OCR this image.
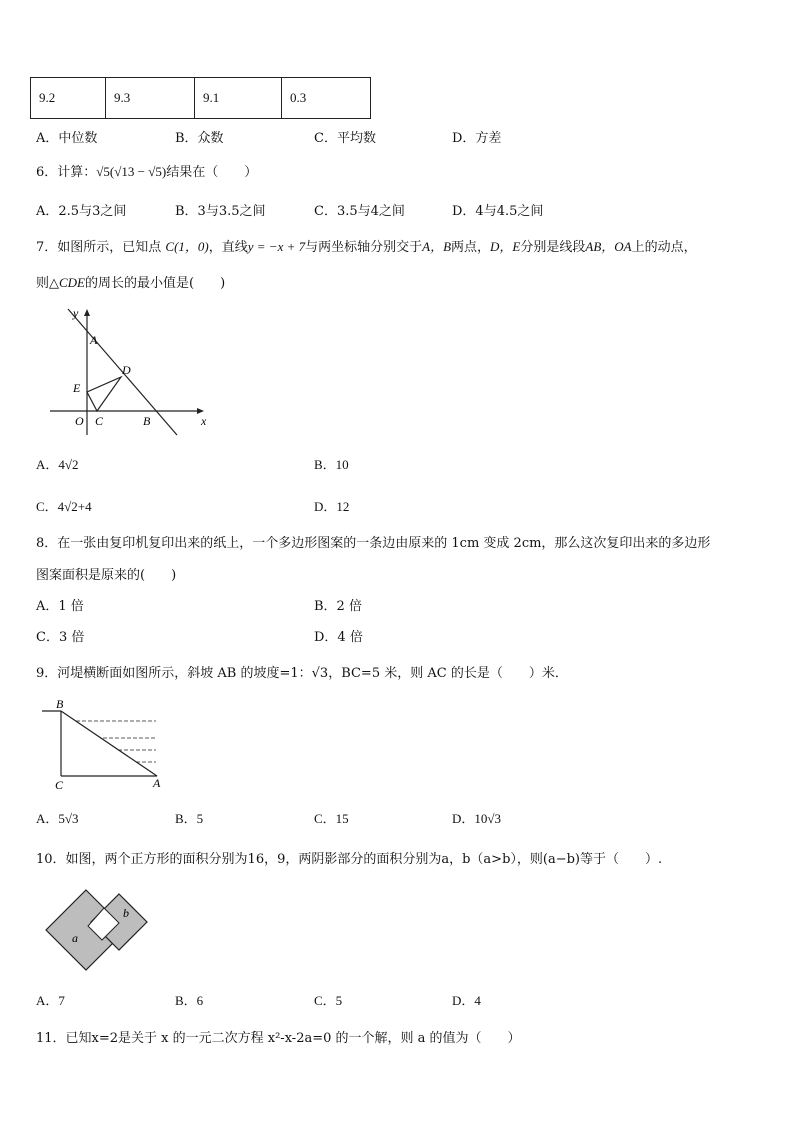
9.2	9.3	9.1	0.3
A．中位数	B．众数	C．平均数	D．方差
6．计算：√5(√13 − √5)结果在（　　）
A．2.5与3之间	B．3与3.5之间	C．3.5与4之间	D．4与4.5之间
7．如图所示，已知点 C(1，0)，直线y = −x + 7与两坐标轴分别交于A，B两点，D，E分别是线段AB，OA上的动点，
则△CDE的周长的最小值是(　　)
y
x
A
D
E
O C	B
A．4√2	B．10
C．4√2+4	D．12
8．在一张由复印机复印出来的纸上，一个多边形图案的一条边由原来的 1cm 变成 2cm，那么这次复印出来的多边形
图案面积是原来的(　　)
A．1 倍	B．2 倍
C．3 倍	D．4 倍
9．河堤横断面如图所示，斜坡 AB 的坡度=1：√3，BC=5 米，则 AC 的长是（　　）米．
B
C	A
A．5√3	B．5	C．15	D．10√3
10．如图，两个正方形的面积分别为16，9，两阴影部分的面积分别为a，b（a>b），则(a−b)等于（　　）.
a
b
A．7	B．6	C．5	D．4
11．已知x=2是关于 x 的一元二次方程 x²-x-2a=0 的一个解，则 a 的值为（　　）
